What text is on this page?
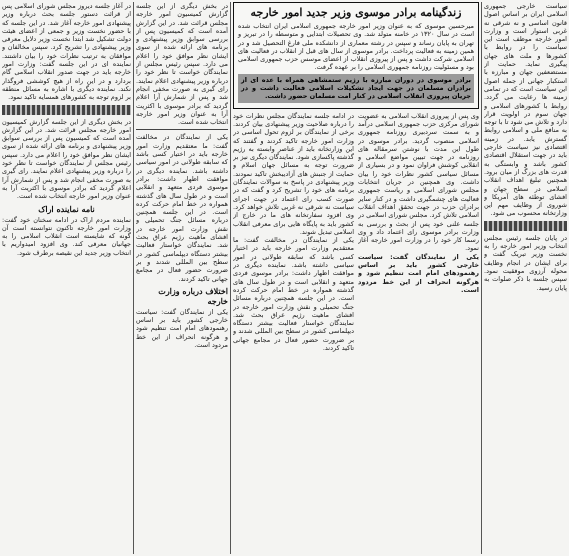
سیاست خارجی جمهوری اسلامی ایران بر اساس اصول قانون اساسی و نه شرقی نه غربی استوار است و وزارت امور خارجه موظف است این سیاست را در روابط با کشورها و ملت های جهان پیگیری نماید. حمایت از مستضعفین جهان و مبارزه با استکبار جهانی از جمله اصول این سیاست است که در تمامی زمینه ها رعایت می گردد. روابط با کشورهای اسلامی و جهان سوم در اولویت قرار دارد و تلاش می شود تا با توجه به منافع ملی و اسلامی روابط گسترش یابد. در زمینه اقتصادی نیز سیاست خارجی باید در جهت استقلال اقتصادی کشور باشد و وابستگی به قدرت های بزرگ از میان برود. همچنین تبلیغ اهداف انقلاب اسلامی در سطح جهان و افشای توطئه های آمریکا و شوروی از وظایف مهم این وزارتخانه محسوب می شود.

در پایان جلسه رئیس مجلس انتخاب وزیر امور خارجه را به نخست وزیر تبریک گفت و برای ایشان در انجام وظایف محوله آرزوی موفقیت نمود. سپس جلسه با ذکر صلوات به پایان رسید.

زندگینامه برادر موسوی وزیر جدید امور خارجه

میرحسین موسوی که به عنوان وزیر امور خارجه جمهوری اسلامی ایران انتخاب شده است در سال ۱۳۲۰ در خامنه متولد شد. وی تحصیلات ابتدایی و متوسطه را در تبریز و تهران به پایان رساند و سپس در رشته معماری از دانشکده ملی فارغ التحصیل شد و در همین زمینه به فعالیت پرداخت. برادر موسوی از سال های قبل از انقلاب در فعالیت های اسلامی شرکت داشت و پس از پیروزی انقلاب از اعضای موسس حزب جمهوری اسلامی بود و مسئولیت روزنامه جمهوری اسلامی را بر عهده گرفت.

برادر موسوی در دوران مبارزه با رژیم ستمشاهی همراه با عده ای از برادران مسلمان در جهت ایجاد تشکیلات اسلامی فعالیت داشت و در جریان پیروزی انقلاب اسلامی در کنار امت مسلمان حضور داشت.

وی پس از پیروزی انقلاب اسلامی به عضویت شورای مرکزی حزب جمهوری اسلامی درآمد و به سمت سردبیری روزنامه جمهوری اسلامی منصوب گردید. برادر موسوی در طول این مدت با نوشتن سرمقاله های روزنامه در جهت تبیین مواضع اسلامی و انقلابی کوشش فراوان نمود و در بسیاری از مسائل سیاسی کشور نظرات خود را بیان داشت. وی همچنین در جریان انتخابات مجلس شورای اسلامی و ریاست جمهوری فعالیت های چشمگیری داشت و در کنار سایر برادران حزب در جهت تحقق اهداف انقلاب اسلامی تلاش کرد. مجلس شورای اسلامی در جلسه علنی خود پس از بحث و بررسی به وزارت برادر موسوی رای اعتماد داد و وی رسما کار خود را در وزارت امور خارجه آغاز نمود.

یکی از نمایندگان گفت: سیاست خارجی کشور باید بر اساس رهنمودهای امام امت تنظیم شود و هرگونه انحراف از این خط مردود است.

در ادامه جلسه نمایندگان مجلس نظرات خود را درباره صلاحیت وزیر پیشنهادی بیان کردند. برخی از نمایندگان بر لزوم تحول اساسی در وزارت امور خارجه تاکید کردند و گفتند که این وزارتخانه باید از عناصر وابسته به رژیم گذشته پاکسازی شود. نمایندگان دیگری نیز بر ضرورت توجه به مسائل جهان اسلام و حمایت از جنبش های آزادیبخش تاکید نمودند. وزیر پیشنهادی در پاسخ به سوالات نمایندگان برنامه های خود را تشریح کرد و گفت که در صورت کسب رای اعتماد در جهت اجرای سیاست نه شرقی نه غربی تلاش خواهد کرد. وی افزود سفارتخانه های ما در خارج از کشور باید به پایگاه هایی برای معرفی انقلاب اسلامی تبدیل شوند.

یکی از نمایندگان در مخالفت گفت: ما معتقدیم وزارت امور خارجه باید در اختیار کسی باشد که سابقه طولانی در امور سیاسی داشته باشد. نماینده دیگری در موافقت اظهار داشت: برادر موسوی فردی متعهد و انقلابی است و در طول سال های گذشته همواره در خط امام حرکت کرده است. در این جلسه همچنین درباره مسائل جنگ تحمیلی و نقش وزارت امور خارجه در افشای ماهیت رژیم عراق بحث شد. نمایندگان خواستار فعالیت بیشتر دستگاه دیپلماسی کشور در سطح بین المللی شدند و بر ضرورت حضور فعال در مجامع جهانی تاکید کردند.

در بخش دیگری از این جلسه گزارش کمیسیون امور خارجه مجلس قرائت شد. در این گزارش آمده است که کمیسیون پس از بررسی سوابق وزیر پیشنهادی و برنامه های ارائه شده از سوی ایشان نظر موافق خود را اعلام می دارد. سپس رئیس مجلس از نمایندگان خواست تا نظر خود را درباره وزیر پیشنهادی اعلام نمایند. رای گیری به صورت مخفی انجام شد و پس از شمارش آرا اعلام گردید که برادر موسوی با اکثریت آرا به عنوان وزیر امور خارجه انتخاب شده است.

یکی از نمایندگان در مخالفت گفت: ما معتقدیم وزارت امور خارجه باید در اختیار کسی باشد که سابقه طولانی در امور سیاسی داشته باشد. نماینده دیگری در موافقت اظهار داشت: برادر موسوی فردی متعهد و انقلابی است و در طول سال های گذشته همواره در خط امام حرکت کرده است. در این جلسه همچنین درباره مسائل جنگ تحمیلی و نقش وزارت امور خارجه در افشای ماهیت رژیم عراق بحث شد. نمایندگان خواستار فعالیت بیشتر دستگاه دیپلماسی کشور در سطح بین المللی شدند و بر ضرورت حضور فعال در مجامع جهانی تاکید کردند.

اختلاف درباره وزارت خارجه

یکی از نمایندگان گفت: سیاست خارجی کشور باید بر اساس رهنمودهای امام امت تنظیم شود و هرگونه انحراف از این خط مردود است.

در آغاز جلسه دیروز مجلس شورای اسلامی پس از قرائت دستور جلسه بحث درباره وزیر پیشنهادی امور خارجه آغاز شد. در این جلسه که با حضور نخست وزیر و جمعی از اعضای هیئت دولت تشکیل شد ابتدا نخست وزیر دلایل معرفی وزیر پیشنهادی را تشریح کرد. سپس مخالفان و موافقان به ترتیب نظرات خود را بیان داشتند. نماینده ای در این جلسه گفت: وزارت امور خارجه باید در جهت صدور انقلاب اسلامی گام بردارد و در این راه از هیچ کوششی فروگذار نکند. نماینده دیگری با اشاره به مسائل منطقه بر لزوم توجه به کشورهای همسایه تاکید نمود.

در بخش دیگری از این جلسه گزارش کمیسیون امور خارجه مجلس قرائت شد. در این گزارش آمده است که کمیسیون پس از بررسی سوابق وزیر پیشنهادی و برنامه های ارائه شده از سوی ایشان نظر موافق خود را اعلام می دارد. سپس رئیس مجلس از نمایندگان خواست تا نظر خود را درباره وزیر پیشنهادی اعلام نمایند. رای گیری به صورت مخفی انجام شد و پس از شمارش آرا اعلام گردید که برادر موسوی با اکثریت آرا به عنوان وزیر امور خارجه انتخاب شده است.

نامه نماینده اراک

نماینده مردم اراک در ادامه سخنان خود گفت: وزارت امور خارجه تاکنون نتوانسته است آن گونه که شایسته است انقلاب اسلامی را به جهانیان معرفی کند. وی افزود امیدواریم با انتخاب وزیر جدید این نقیصه برطرف شود.
